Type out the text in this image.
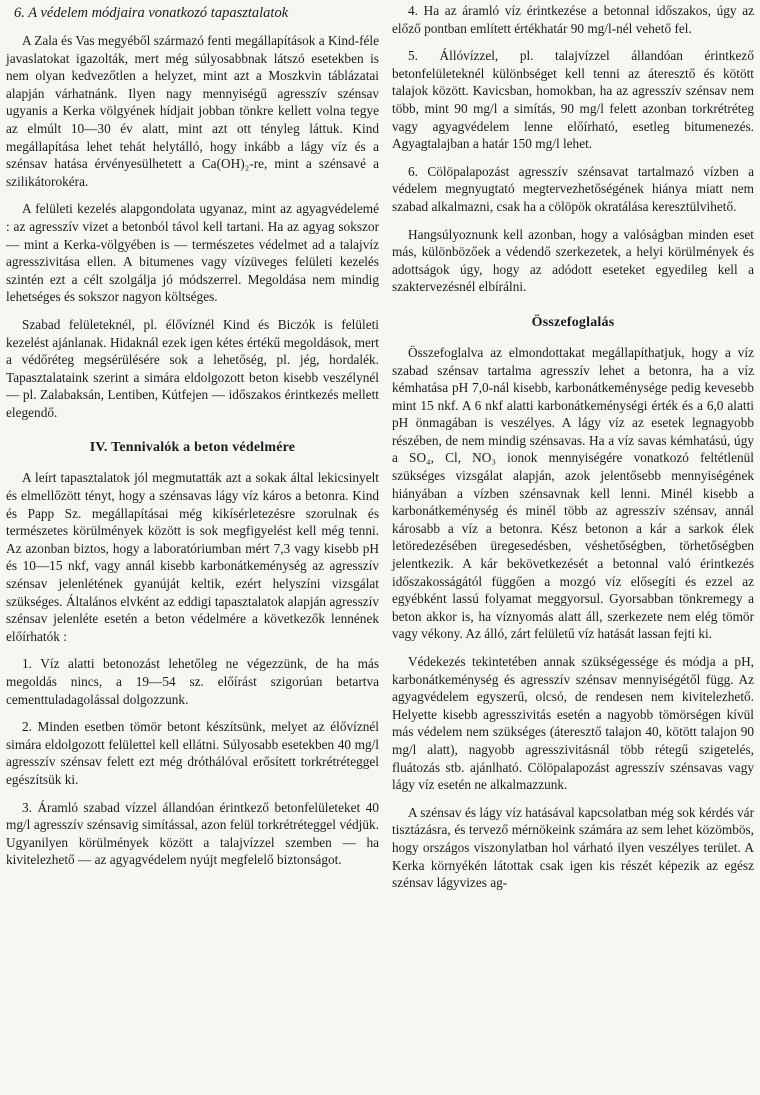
6. A védelem módjaira vonatkozó tapasztalatok

A Zala és Vas megyéből származó fenti megállapítások a Kind-féle javaslatokat igazolták, mert még súlyosabbnak látszó esetekben is nem olyan kedvezőtlen a helyzet, mint azt a Moszkvin táblázatai alapján várhatnánk. Ilyen nagy mennyiségű agresszív szénsav ugyanis a Kerka völgyének hídjait jobban tönkre kellett volna tegye az elmúlt 10—30 év alatt, mint azt ott tényleg láttuk. Kind megállapítása lehet tehát helytálló, hogy inkább a lágy víz és a szénsav hatása érvényesülhetett a Ca(OH)₂-re, mint a szénsavé a szilikátorokéra.

A felületi kezelés alapgondolata ugyanaz, mint az agyagvédelemé : az agresszív vizet a betonból távol kell tartani. Ha az agyag sokszor — mint a Kerka-völgyében is — természetes védelmet ad a talajvíz agresszivitása ellen. A bitumenes vagy vízüveges felületi kezelés szintén ezt a célt szolgálja jó módszerrel. Megoldása nem mindig lehetséges és sokszor nagyon költséges.

Szabad felületeknél, pl. élővíznél Kind és Biczók is felületi kezelést ajánlanak. Hidaknál ezek igen kétes értékű megoldások, mert a védőréteg megsérülésére sok a lehetőség, pl. jég, hordalék. Tapasztalataink szerint a simára eldolgozott beton kisebb veszélynél — pl. Zalabaksán, Lentiben, Kútfejen — időszakos érintkezés mellett elegendő.

IV. Tennivalók a beton védelmére

A leírt tapasztalatok jól megmutatták azt a sokak által lekicsinyelt és elmellőzött tényt, hogy a szénsavas lágy víz káros a betonra. Kind és Papp Sz. megállapításai még kikísérletezésre szorulnak és természetes körülmények között is sok megfigyelést kell még tenni. Az azonban biztos, hogy a laboratóriumban mért 7,3 vagy kisebb pH és 10—15 nkf, vagy annál kisebb karbonátkeménység az agresszív szénsav jelenlétének gyanúját keltik, ezért helyszíni vizsgálat szükséges. Általános elvként az eddigi tapasztalatok alapján agresszív szénsav jelenléte esetén a beton védelmére a következők lennének előírhatók :

1. Víz alatti betonozást lehetőleg ne végezzünk, de ha más megoldás nincs, a 19—54 sz. előírást szigorúan betartva cementtuladagolással dolgozzunk.

2. Minden esetben tömör betont készítsünk, melyet az élővíznél simára eldolgozott felülettel kell ellátni. Súlyosabb esetekben 40 mg/l agresszív szénsav felett ezt még dróthálóval erősített torkrétréteggel egészítsük ki.

3. Áramló szabad vízzel állandóan érintkező betonfelületeket 40 mg/l agresszív szénsavig simítással, azon felül torkrétréteggel védjük. Ugyanilyen körülmények között a talajvízzel szemben — ha kivitelezhető — az agyagvédelem nyújt megfelelő biztonságot.

4. Ha az áramló víz érintkezése a betonnal időszakos, úgy az előző pontban említett értékhatár 90 mg/l-nél vehető fel.

5. Állóvízzel, pl. talajvízzel állandóan érintkező betonfelületeknél különbséget kell tenni az áteresztő és kötött talajok között. Kavicsban, homokban, ha az agresszív szénsav nem több, mint 90 mg/l a simítás, 90 mg/l felett azonban torkrétréteg vagy agyagvédelem lenne előírható, esetleg bitumenezés. Agyagtalajban a határ 150 mg/l lehet.

6. Cölöpalapozást agresszív szénsavat tartalmazó vízben a védelem megnyugtató megtervezhetőségének hiánya miatt nem szabad alkalmazni, csak ha a cölöpök okratálása keresztülvihető.

Hangsúlyoznunk kell azonban, hogy a valóságban minden eset más, különbözőek a védendő szerkezetek, a helyi körülmények és adottságok úgy, hogy az adódott eseteket egyedileg kell a szaktervezésnél elbírálni.

Összefoglalás

Összefoglalva az elmondottakat megállapíthatjuk, hogy a víz szabad szénsav tartalma agresszív lehet a betonra, ha a víz kémhatása pH 7,0-nál kisebb, karbonátkeménysége pedig kevesebb mint 15 nkf. A 6 nkf alatti karbonátkeménységi érték és a 6,0 alatti pH önmagában is veszélyes. A lágy víz az esetek legnagyobb részében, de nem mindig szénsavas. Ha a víz savas kémhatású, úgy a SO₄, Cl, NO₃ ionok mennyiségére vonatkozó feltétlenül szükséges vizsgálat alapján, azok jelentősebb mennyiségének hiányában a vízben szénsavnak kell lenni. Minél kisebb a karbonátkeménység és minél több az agresszív szénsav, annál károsabb a víz a betonra. Kész betonon a kár a sarkok élek letöredezésében üregesedésben, véshetőségben, törhetőségben jelentkezik. A kár bekövetkezését a betonnal való érintkezés időszakosságától függően a mozgó víz elősegíti és ezzel az egyébként lassú folyamat meggyorsul. Gyorsabban tönkremegy a beton akkor is, ha víznyomás alatt áll, szerkezete nem elég tömör vagy vékony. Az álló, zárt felületű víz hatását lassan fejti ki.

Védekezés tekintetében annak szükségessége és módja a pH, karbonátkeménység és agresszív szénsav mennyiségétől függ. Az agyagvédelem egyszerű, olcsó, de rendesen nem kivitelezhető. Helyette kisebb agresszivitás esetén a nagyobb tömörségen kívül más védelem nem szükséges (áteresztő talajon 40, kötött talajon 90 mg/l alatt), nagyobb agresszivitásnál több rétegű szigetelés, fluátozás stb. ajánlható. Cölöpalapozást agresszív szénsavas vagy lágy víz esetén ne alkalmazzunk.

A szénsav és lágy víz hatásával kapcsolatban még sok kérdés vár tisztázásra, és tervező mérnökeink számára az sem lehet közömbös, hogy országos viszonylatban hol várható ilyen veszélyes terület. A Kerka környékén látottak csak igen kis részét képezik az egész szénsav lágyvizes ag-
